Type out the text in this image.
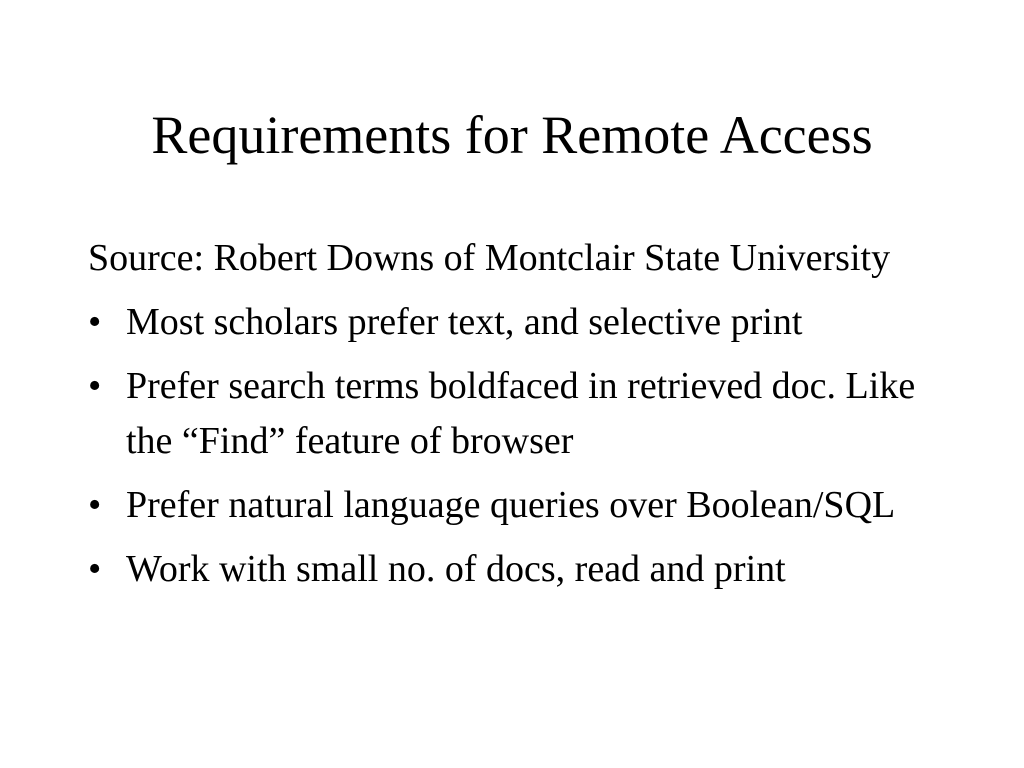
Requirements for Remote Access

Source: Robert Downs of Montclair State University

• Most scholars prefer text, and selective print
• Prefer search terms boldfaced in retrieved doc. Like the “Find” feature of browser
• Prefer natural language queries over Boolean/SQL
• Work with small no. of docs, read and print
